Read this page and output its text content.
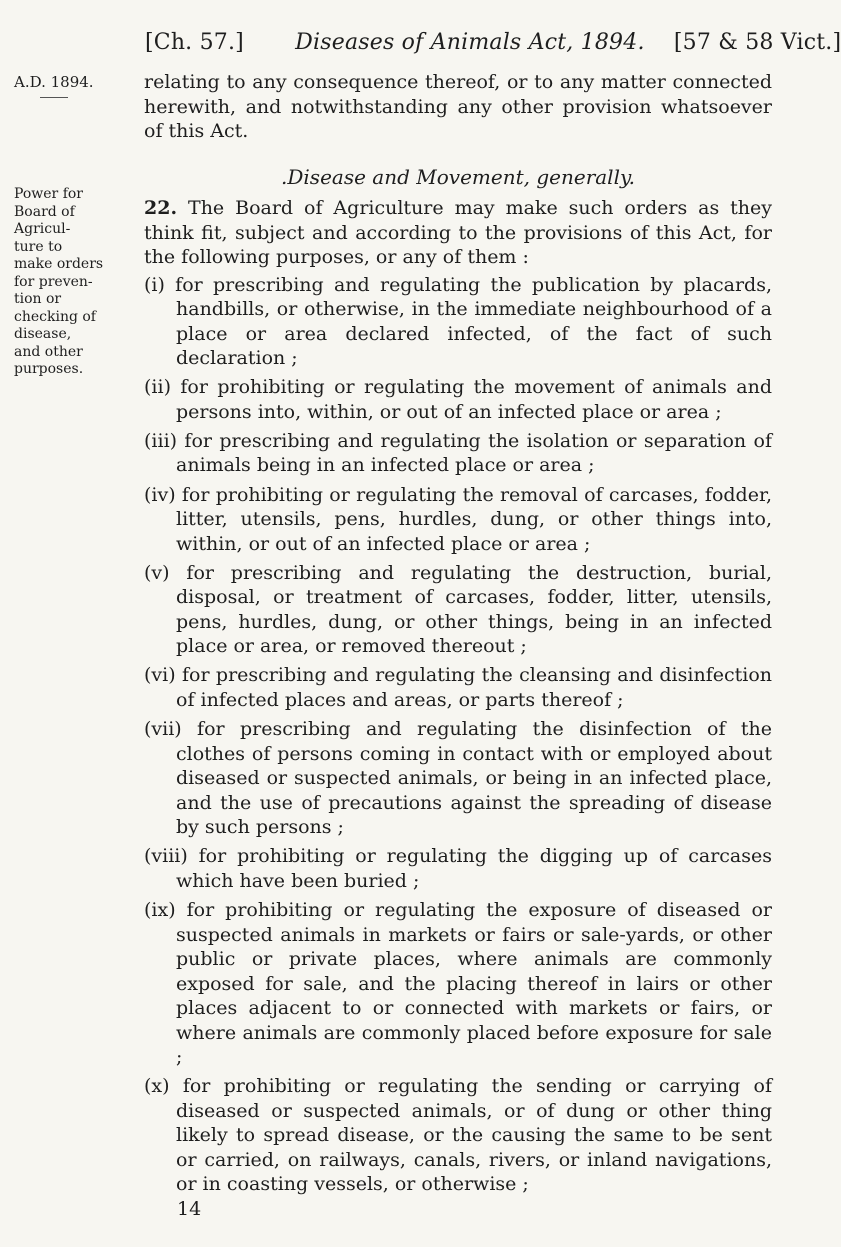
[Ch. 57.] Diseases of Animals Act, 1894. [57 & 58 Vict.]
A.D. 1894.
Power for
Board of
Agricul-
ture to
make orders
for preven-
tion or
checking of
disease,
and other
purposes.

relating to any consequence thereof, or to any matter connected herewith, and notwithstanding any other provision whatsoever of this Act.

.Disease and Movement, generally.

22. The Board of Agriculture may make such orders as they think fit, subject and according to the provisions of this Act, for the following purposes, or any of them :

(i) for prescribing and regulating the publication by placards, handbills, or otherwise, in the immediate neighbourhood of a place or area declared infected, of the fact of such declaration ;
(ii) for prohibiting or regulating the movement of animals and persons into, within, or out of an infected place or area ;
(iii) for prescribing and regulating the isolation or separation of animals being in an infected place or area ;
(iv) for prohibiting or regulating the removal of carcases, fodder, litter, utensils, pens, hurdles, dung, or other things into, within, or out of an infected place or area ;
(v) for prescribing and regulating the destruction, burial, disposal, or treatment of carcases, fodder, litter, utensils, pens, hurdles, dung, or other things, being in an infected place or area, or removed thereout ;
(vi) for prescribing and regulating the cleansing and disinfection of infected places and areas, or parts thereof ;
(vii) for prescribing and regulating the disinfection of the clothes of persons coming in contact with or employed about diseased or suspected animals, or being in an infected place, and the use of precautions against the spreading of disease by such persons ;
(viii) for prohibiting or regulating the digging up of carcases which have been buried ;
(ix) for prohibiting or regulating the exposure of diseased or suspected animals in markets or fairs or sale-yards, or other public or private places, where animals are commonly exposed for sale, and the placing thereof in lairs or other places adjacent to or connected with markets or fairs, or where animals are commonly placed before exposure for sale ;
(x) for prohibiting or regulating the sending or carrying of diseased or suspected animals, or of dung or other thing likely to spread disease, or the causing the same to be sent or carried, on railways, canals, rivers, or inland navigations, or in coasting vessels, or otherwise ;
14
